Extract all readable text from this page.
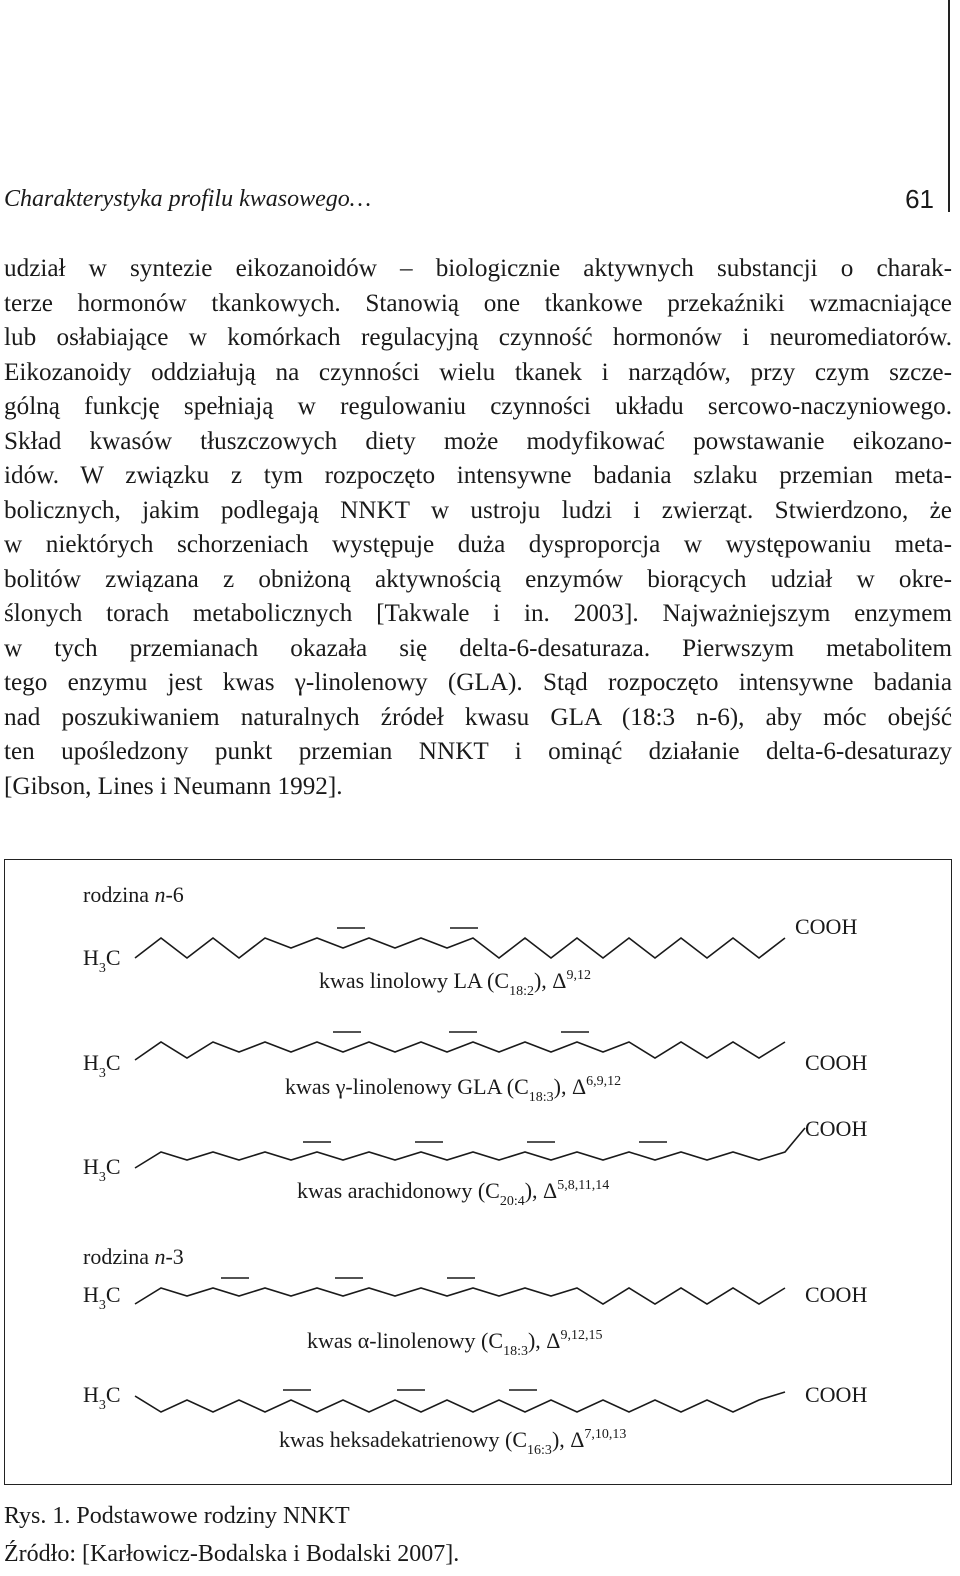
Charakterystyka profilu kwasowego…	61
udział w syntezie eikozanoidów – biologicznie aktywnych substancji o charak-
terze hormonów tkankowych. Stanowią one tkankowe przekaźniki wzmacniające
lub osłabiające w komórkach regulacyjną czynność hormonów i neuromediatorów.
Eikozanoidy oddziałują na czynności wielu tkanek i narządów, przy czym szcze-
gólną funkcję spełniają w regulowaniu czynności układu sercowo-naczyniowego.
Skład kwasów tłuszczowych diety może modyfikować powstawanie eikozano-
idów. W związku z tym rozpoczęto intensywne badania szlaku przemian meta-
bolicznych, jakim podlegają NNKT w ustroju ludzi i zwierząt. Stwierdzono, że
w niektórych schorzeniach występuje duża dysproporcja w występowaniu meta-
bolitów związana z obniżoną aktywnością enzymów biorących udział w okre-
ślonych torach metabolicznych [Takwale i in. 2003]. Najważniejszym enzymem
w tych przemianach okazała się delta-6-desaturaza. Pierwszym metabolitem
tego enzymu jest kwas γ-linolenowy (GLA). Stąd rozpoczęto intensywne badania
nad poszukiwaniem naturalnych źródeł kwasu GLA (18:3 n-6), aby móc obejść
ten upośledzony punkt przemian NNKT i ominąć działanie delta-6-desaturazy
[Gibson, Lines i Neumann 1992].
rodzina n-6
rodzina n-3
$H_3C$
$H_3C$
$H_3C$
$H_3C$
$H_3C$
COOH
COOH
COOH
COOH
COOH
kwas linolowy LA $(C_{18:2})$, Δ$^{9,12}$
kwas γ-linolenowy GLA $(C_{18:3})$, Δ$^{6,9,12}$
kwas arachidonowy $(C_{20:4})$, Δ$^{5,8,11,14}$
kwas α-linolenowy $(C_{18:3})$, Δ$^{9,12,15}$
kwas heksadekatrienowy $(C_{16:3})$, Δ$^{7,10,13}$
Rys. 1. Podstawowe rodziny NNKT
Źródło: [Karłowicz-Bodalska i Bodalski 2007].
